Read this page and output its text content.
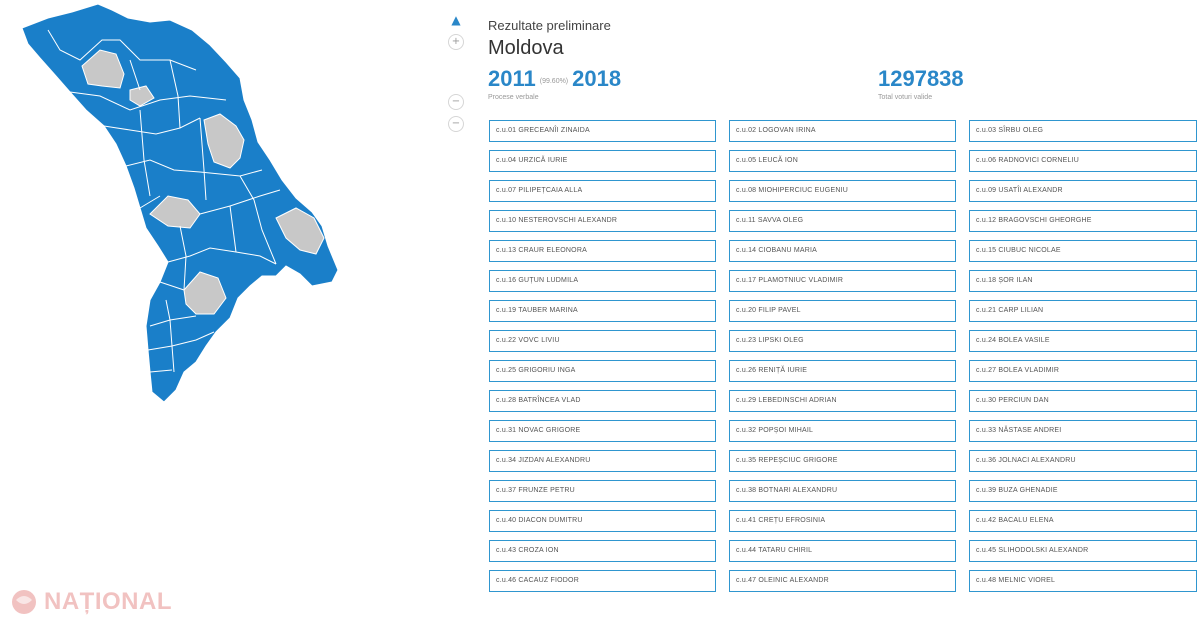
NAȚIONAL
▲
+
−
−
Rezultate preliminare
Moldova
2011 (99.60%) 2018
Procese verbale
1297838
Total voturi valide
c.u.01 GRECEANÎI ZINAIDA	c.u.02 LOGOVAN IRINA	c.u.03 SÎRBU OLEG
c.u.04 URZICĂ IURIE	c.u.05 LEUCĂ ION	c.u.06 RADNOVICI CORNELIU
c.u.07 PILIPEȚCAIA ALLA	c.u.08 MIOHIPERCIUC EUGENIU	c.u.09 USATÎI ALEXANDR
c.u.10 NESTEROVSCHI ALEXANDR	c.u.11 SAVVA OLEG	c.u.12 BRAGOVSCHI GHEORGHE
c.u.13 CRAUR ELEONORA	c.u.14 CIOBANU MARIA	c.u.15 CIUBUC NICOLAE
c.u.16 GUȚUN LUDMILA	c.u.17 PLAMOTNIUC VLADIMIR	c.u.18 ȘOR ILAN
c.u.19 TAUBER MARINA	c.u.20 FILIP PAVEL	c.u.21 CARP LILIAN
c.u.22 VOVC LIVIU	c.u.23 LIPSKI OLEG	c.u.24 BOLEA VASILE
c.u.25 GRIGORIU INGA	c.u.26 RENIȚĂ IURIE	c.u.27 BOLEA VLADIMIR
c.u.28 BATRÎNCEA VLAD	c.u.29 LEBEDINSCHI ADRIAN	c.u.30 PERCIUN DAN
c.u.31 NOVAC GRIGORE	c.u.32 POPȘOI MIHAIL	c.u.33 NĂSTASE ANDREI
c.u.34 JIZDAN ALEXANDRU	c.u.35 REPEȘCIUC GRIGORE	c.u.36 JOLNACI ALEXANDRU
c.u.37 FRUNZE PETRU	c.u.38 BOTNARI ALEXANDRU	c.u.39 BUZA GHENADIE
c.u.40 DIACON DUMITRU	c.u.41 CREȚU EFROSINIA	c.u.42 BACALU ELENA
c.u.43 CROZA ION	c.u.44 TATARU CHIRIL	c.u.45 SLIHODOLSKI ALEXANDR
c.u.46 CACAUZ FIODOR	c.u.47 OLEINIC ALEXANDR	c.u.48 MELNIC VIOREL
